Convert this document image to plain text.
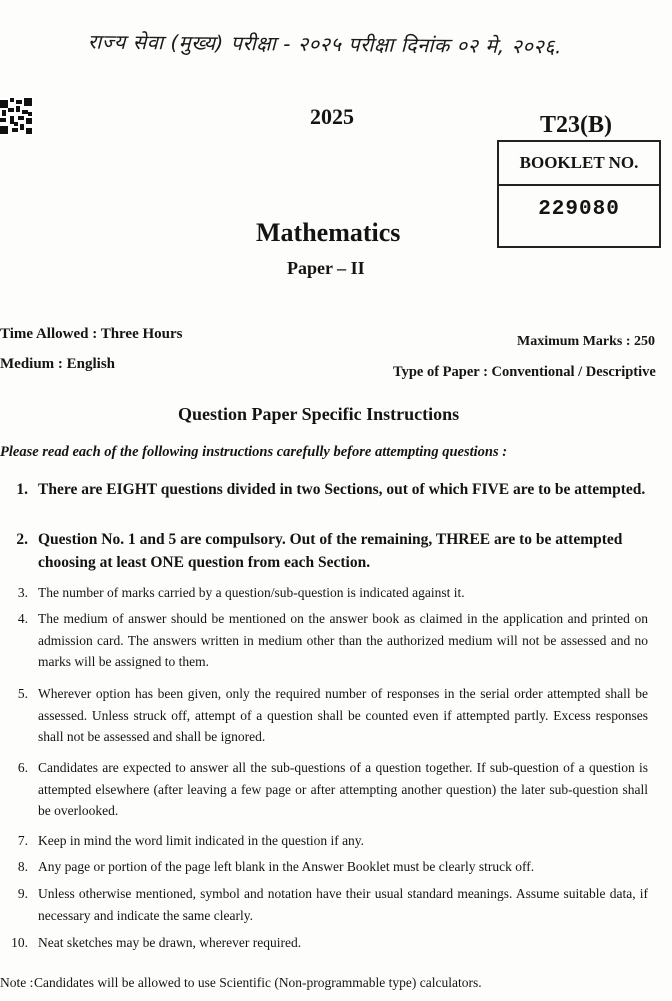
राज्य सेवा (मुख्य) परीक्षा - २०२५ परीक्षा दिनांक ०२ मे, २०२६.
2025	T23(B)
BOOKLET NO.
229080
Mathematics
Paper – II
Time Allowed : Three Hours
Medium : English
Maximum Marks : 250
Type of Paper : Conventional / Descriptive
Question Paper Specific Instructions
Please read each of the following instructions carefully before attempting questions :
1. There are EIGHT questions divided in two Sections, out of which FIVE are to be attempted.
2. Question No. 1 and 5 are compulsory. Out of the remaining, THREE are to be attempted choosing at least ONE question from each Section.
3. The number of marks carried by a question/sub-question is indicated against it.
4. The medium of answer should be mentioned on the answer book as claimed in the application and printed on admission card. The answers written in medium other than the authorized medium will not be assessed and no marks will be assigned to them.
5. Wherever option has been given, only the required number of responses in the serial order attempted shall be assessed. Unless struck off, attempt of a question shall be counted even if attempted partly. Excess responses shall not be assessed and shall be ignored.
6. Candidates are expected to answer all the sub-questions of a question together. If sub-question of a question is attempted elsewhere (after leaving a few page or after attempting another question) the later sub-question shall be overlooked.
7. Keep in mind the word limit indicated in the question if any.
8. Any page or portion of the page left blank in the Answer Booklet must be clearly struck off.
9. Unless otherwise mentioned, symbol and notation have their usual standard meanings. Assume suitable data, if necessary and indicate the same clearly.
10. Neat sketches may be drawn, wherever required.
Note : Candidates will be allowed to use Scientific (Non-programmable type) calculators.
